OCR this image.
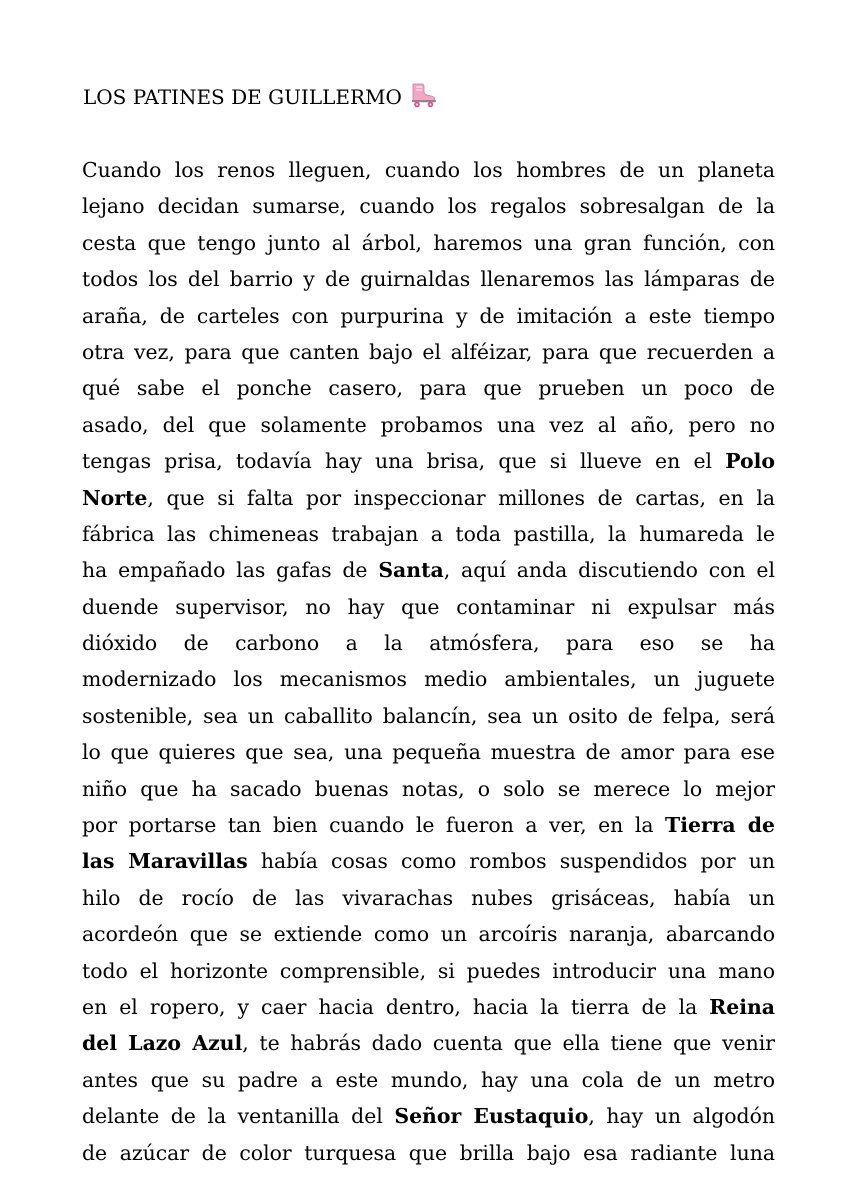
LOS PATINES DE GUILLERMO
Cuando los renos lleguen, cuando los hombres de un planeta
lejano decidan sumarse, cuando los regalos sobresalgan de la
cesta que tengo junto al árbol, haremos una gran función, con
todos los del barrio y de guirnaldas llenaremos las lámparas de
araña, de carteles con purpurina y de imitación a este tiempo
otra vez, para que canten bajo el alféizar, para que recuerden a
qué sabe el ponche casero, para que prueben un poco de
asado, del que solamente probamos una vez al año, pero no
tengas prisa, todavía hay una brisa, que si llueve en el Polo
Norte, que si falta por inspeccionar millones de cartas, en la
fábrica las chimeneas trabajan a toda pastilla, la humareda le
ha empañado las gafas de Santa, aquí anda discutiendo con el
duende supervisor, no hay que contaminar ni expulsar más
dióxido de carbono a la atmósfera, para eso se ha
modernizado los mecanismos medio ambientales, un juguete
sostenible, sea un caballito balancín, sea un osito de felpa, será
lo que quieres que sea, una pequeña muestra de amor para ese
niño que ha sacado buenas notas, o solo se merece lo mejor
por portarse tan bien cuando le fueron a ver, en la Tierra de
las Maravillas había cosas como rombos suspendidos por un
hilo de rocío de las vivarachas nubes grisáceas, había un
acordeón que se extiende como un arcoíris naranja, abarcando
todo el horizonte comprensible, si puedes introducir una mano
en el ropero, y caer hacia dentro, hacia la tierra de la Reina
del Lazo Azul, te habrás dado cuenta que ella tiene que venir
antes que su padre a este mundo, hay una cola de un metro
delante de la ventanilla del Señor Eustaquio, hay un algodón
de azúcar de color turquesa que brilla bajo esa radiante luna
